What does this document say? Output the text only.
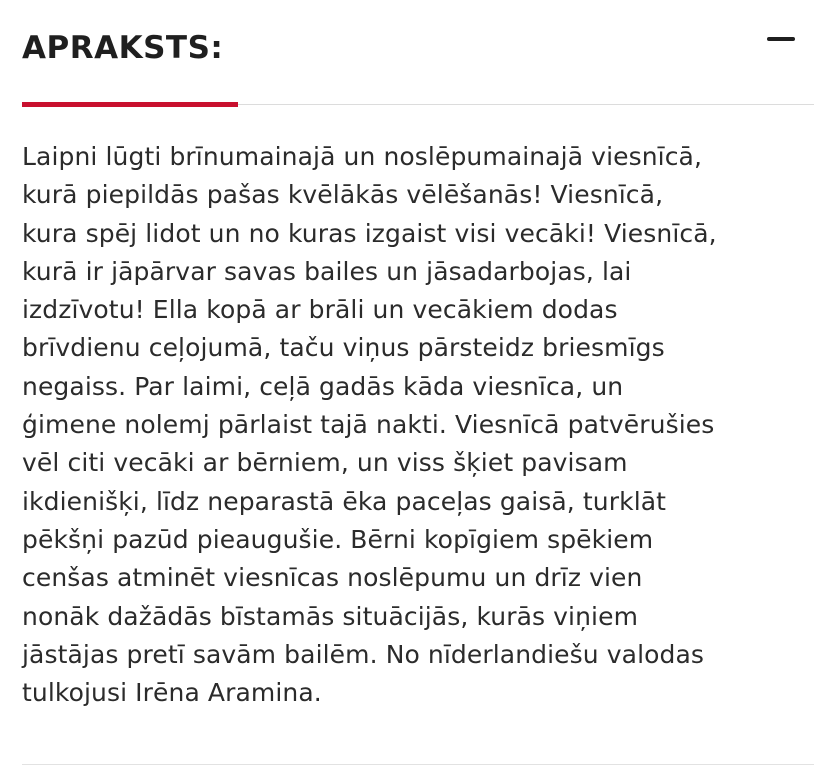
APRAKSTS:
Laipni lūgti brīnumainajā un noslēpumainajā viesnīcā,
kurā piepildās pašas kvēlākās vēlēšanās! Viesnīcā,
kura spēj lidot un no kuras izgaist visi vecāki! Viesnīcā,
kurā ir jāpārvar savas bailes un jāsadarbojas, lai
izdzīvotu! Ella kopā ar brāli un vecākiem dodas
brīvdienu ceļojumā, taču viņus pārsteidz briesmīgs
negaiss. Par laimi, ceļā gadās kāda viesnīca, un
ģimene nolemj pārlaist tajā nakti. Viesnīcā patvērušies
vēl citi vecāki ar bērniem, un viss šķiet pavisam
ikdienišķi, līdz neparastā ēka paceļas gaisā, turklāt
pēkšņi pazūd pieaugušie. Bērni kopīgiem spēkiem
cenšas atminēt viesnīcas noslēpumu un drīz vien
nonāk dažādās bīstamās situācijās, kurās viņiem
jāstājas pretī savām bailēm. No nīderlandiešu valodas
tulkojusi Irēna Aramina.
